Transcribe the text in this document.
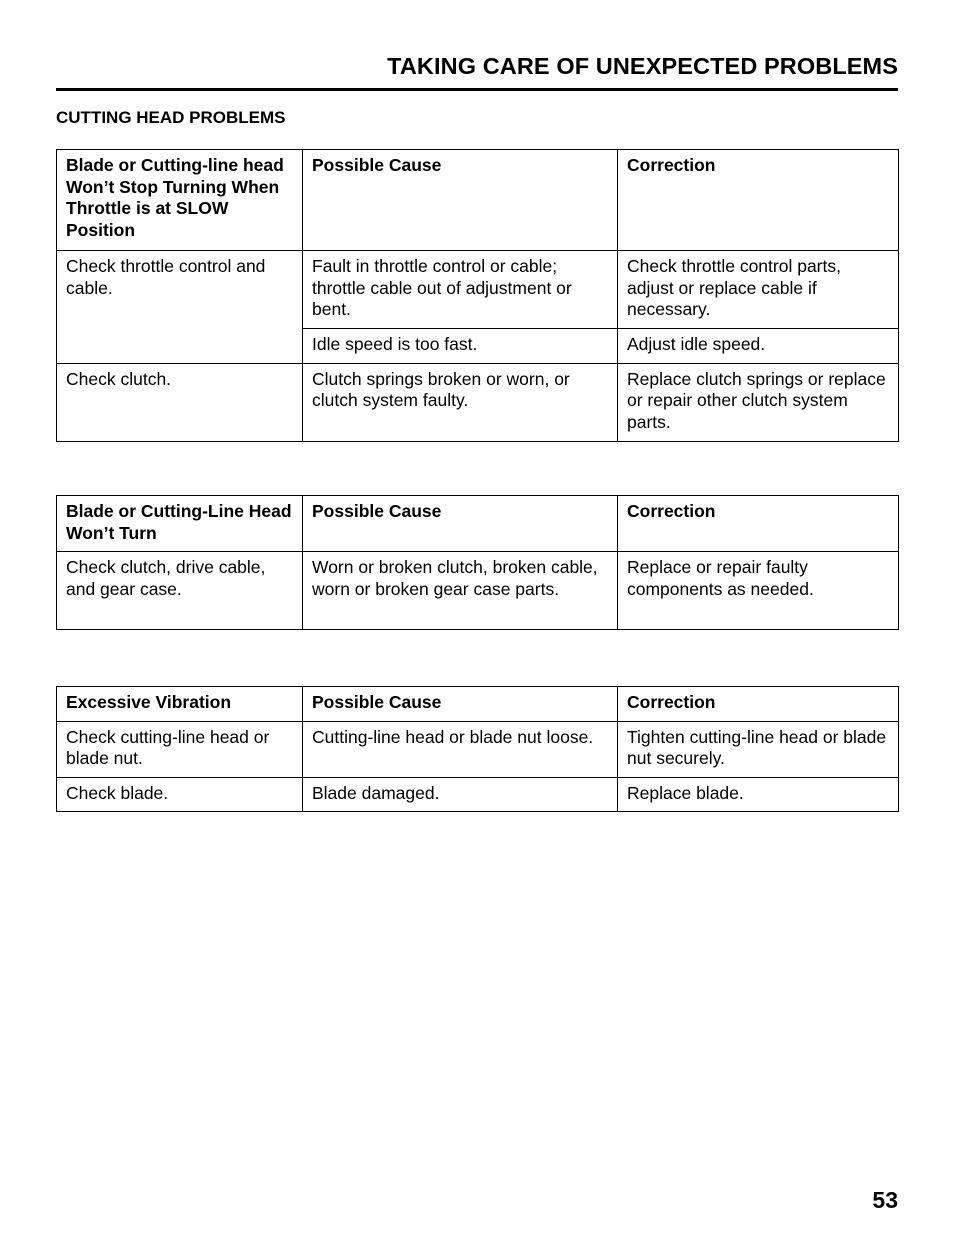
TAKING CARE OF UNEXPECTED PROBLEMS
CUTTING HEAD PROBLEMS
Blade or Cutting-line head Won’t Stop Turning When Throttle is at SLOW Position	Possible Cause	Correction
Check throttle control and cable.	Fault in throttle control or cable; throttle cable out of adjustment or bent.	Check throttle control parts, adjust or replace cable if necessary.
	Idle speed is too fast.	Adjust idle speed.
Check clutch.	Clutch springs broken or worn, or clutch system faulty.	Replace clutch springs or replace or repair other clutch system parts.
Blade or Cutting-Line Head Won’t Turn	Possible Cause	Correction
Check clutch, drive cable, and gear case.	Worn or broken clutch, broken cable, worn or broken gear case parts.	Replace or repair faulty components as needed.
Excessive Vibration	Possible Cause	Correction
Check cutting-line head or blade nut.	Cutting-line head or blade nut loose.	Tighten cutting-line head or blade nut securely.
Check blade.	Blade damaged.	Replace blade.
53
